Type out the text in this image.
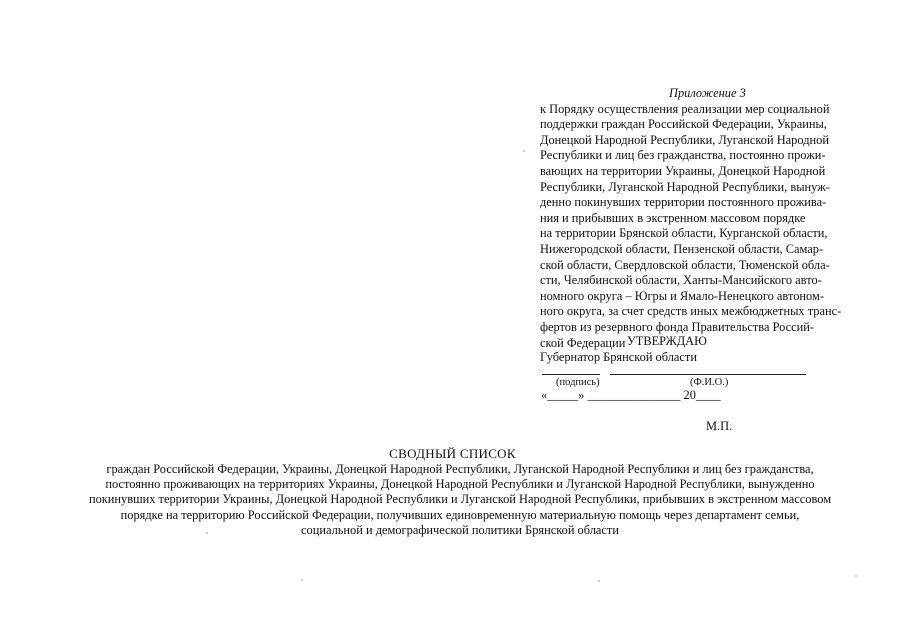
Приложение 3
к Порядку осуществления реализации мер социальной
поддержки граждан Российской Федерации, Украины,
Донецкой Народной Республики, Луганской Народной
Республики и лиц без гражданства, постоянно прожи-
вающих на территории Украины, Донецкой Народной
Республики, Луганской Народной Республики, вынуж-
денно покинувших территории постоянного прожива-
ния и прибывших в экстренном массовом порядке
на территории Брянской области, Курганской области,
Нижегородской области, Пензенской области, Самар-
ской области, Свердловской области, Тюменской обла-
сти, Челябинской области, Ханты-Мансийского авто-
номного округа – Югры и Ямало-Ненецкого автоном-
ного округа, за счет средств иных межбюджетных транс-
фертов из резервного фонда Правительства Россий-
ской Федерации УТВЕРЖДАЮ
Губернатор Брянской области
(подпись)	(Ф.И.О.)
«_____» _______________ 20____
М.П.
СВОДНЫЙ СПИСОК
граждан Российской Федерации, Украины, Донецкой Народной Республики, Луганской Народной Республики и лиц без гражданства,
постоянно проживающих на территориях Украины, Донецкой Народной Республики и Луганской Народной Республики, вынужденно
покинувших территории Украины, Донецкой Народной Республики и Луганской Народной Республики, прибывших в экстренном массовом
порядке на территорию Российской Федерации, получивших единовременную материальную помощь через департамент семьи,
социальной и демографической политики Брянской области
